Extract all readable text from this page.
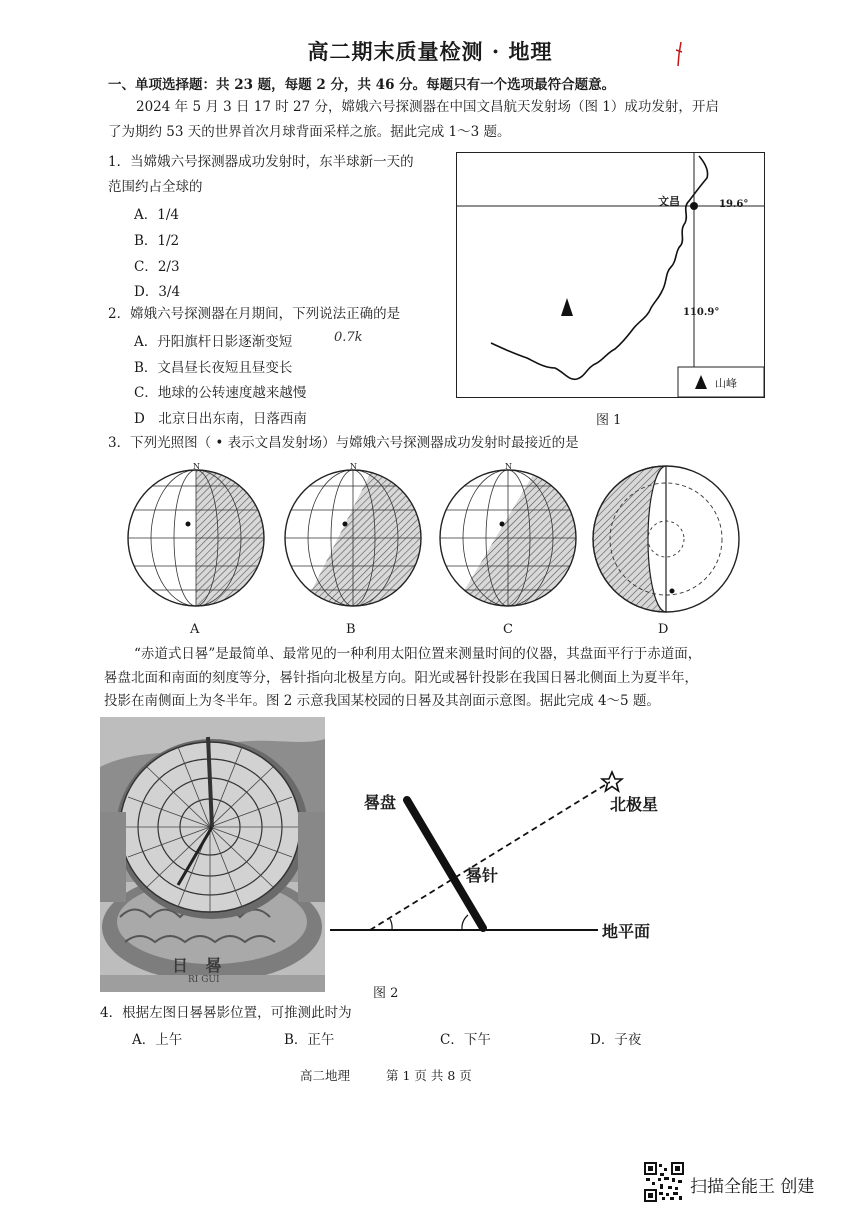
高二期末质量检测 · 地理
一、单项选择题：共 23 题，每题 2 分，共 46 分。每题只有一个选项最符合题意。
2024 年 5 月 3 日 17 时 27 分，嫦娥六号探测器在中国文昌航天发射场（图 1）成功发射，开启
了为期约 53 天的世界首次月球背面采样之旅。据此完成 1～3 题。
1．当嫦娥六号探测器成功发射时，东半球新一天的
范围约占全球的
A．1/4
B．1/2
C．2/3
D．3/4
2．嫦娥六号探测器在月期间，下列说法正确的是
A．丹阳旗杆日影逐渐变短	0.7k
B．文昌昼长夜短且昼变长
C．地球的公转速度越来越慢
D　北京日出东南，日落西南
文昌	19.6°
110.9°
山峰
图 1
3．下列光照图（ • 表示文昌发射场）与嫦娥六号探测器成功发射时最接近的是
N	N	N
A	B	C	D
“赤道式日晷”是最简单、最常见的一种利用太阳位置来测量时间的仪器，其盘面平行于赤道面，
晷盘北面和南面的刻度等分，晷针指向北极星方向。阳光或晷针投影在我国日晷北侧面上为夏半年，
投影在南侧面上为冬半年。图 2 示意我国某校园的日晷及其剖面示意图。据此完成 4～5 题。
日 晷
RI GUI
晷盘
晷针
北极星
地平面
图 2
4．根据左图日晷晷影位置，可推测此时为
A．上午	B．正午	C．下午	D．子夜
高二地理	第 1 页 共 8 页
扫描全能王 创建
